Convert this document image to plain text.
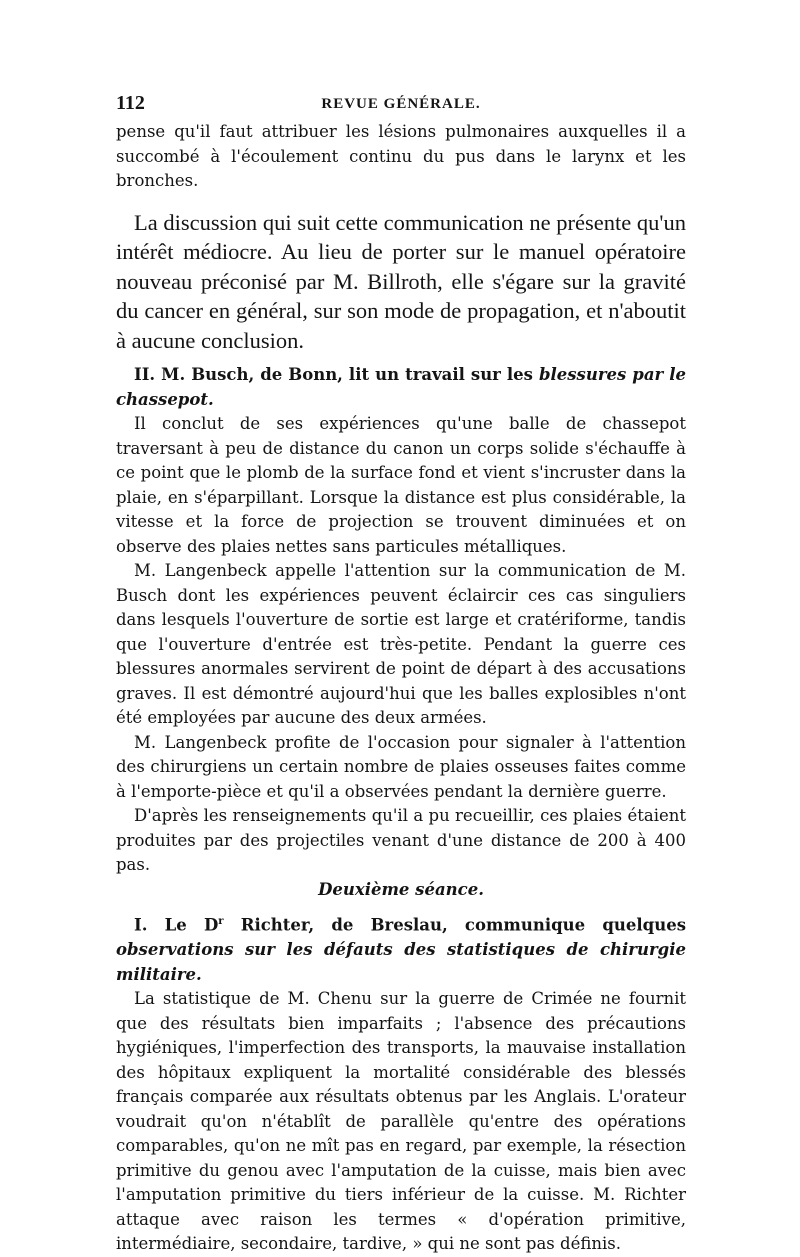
112	REVUE GÉNÉRALE.

pense qu'il faut attribuer les lésions pulmonaires auxquelles il a succombé à l'écoulement continu du pus dans le larynx et les bronches.

La discussion qui suit cette communication ne présente qu'un intérêt médiocre. Au lieu de porter sur le manuel opératoire nouveau préconisé par M. Billroth, elle s'égare sur la gravité du cancer en général, sur son mode de propagation, et n'aboutit à aucune conclusion.

II. M. Busch, de Bonn, lit un travail sur les blessures par le chassepot.

Il conclut de ses expériences qu'une balle de chassepot traversant à peu de distance du canon un corps solide s'échauffe à ce point que le plomb de la surface fond et vient s'incruster dans la plaie, en s'éparpillant. Lorsque la distance est plus considérable, la vitesse et la force de projection se trouvent diminuées et on observe des plaies nettes sans particules métalliques.

M. Langenbeck appelle l'attention sur la communication de M. Busch dont les expériences peuvent éclaircir ces cas singuliers dans lesquels l'ouverture de sortie est large et cratériforme, tandis que l'ouverture d'entrée est très-petite. Pendant la guerre ces blessures anormales servirent de point de départ à des accusations graves. Il est démontré aujourd'hui que les balles explosibles n'ont été employées par aucune des deux armées.

M. Langenbeck profite de l'occasion pour signaler à l'attention des chirurgiens un certain nombre de plaies osseuses faites comme à l'emporte-pièce et qu'il a observées pendant la dernière guerre.

D'après les renseignements qu'il a pu recueillir, ces plaies étaient produites par des projectiles venant d'une distance de 200 à 400 pas.

Deuxième séance.

I. Le $D^r$ Richter, de Breslau, communique quelques observations sur les défauts des statistiques de chirurgie militaire.

La statistique de M. Chenu sur la guerre de Crimée ne fournit que des résultats bien imparfaits ; l'absence des précautions hygiéniques, l'imperfection des transports, la mauvaise installation des hôpitaux expliquent la mortalité considérable des blessés français comparée aux résultats obtenus par les Anglais. L'orateur voudrait qu'on n'établît de parallèle qu'entre des opérations comparables, qu'on ne mît pas en regard, par exemple, la résection primitive du genou avec l'amputation de la cuisse, mais bien avec l'amputation primitive du tiers inférieur de la cuisse. M. Richter attaque avec raison les termes « d'opération primitive, intermédiaire, secondaire, tardive, » qui ne sont pas définis.
